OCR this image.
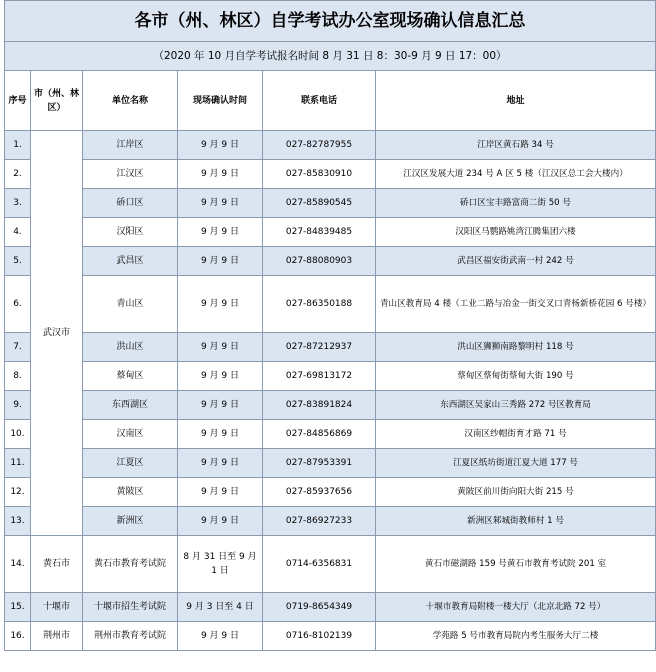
各市（州、林区）自学考试办公室现场确认信息汇总					
（2020 年 10 月自学考试报名时间 8 月 31 日 8：30-9 月 9 日 17：00）					
序号	市（州、林区）	单位名称	现场确认时间	联系电话	地址
1.	武汉市	江岸区	9 月 9 日	027-82787955	江岸区黄石路 34 号
2.		江汉区	9 月 9 日	027-85830910	江汉区发展大道 234 号 A 区 5 楼（江汉区总工会大楼内）
3.		硚口区	9 月 9 日	027-85890545	硚口区宝丰路富商二街 50 号
4.		汉阳区	9 月 9 日	027-84839485	汉阳区马鹦路姚湾江腾集团六楼
5.		武昌区	9 月 9 日	027-88080903	武昌区福安街武南一村 242 号
6.		青山区	9 月 9 日	027-86350188	青山区教育局 4 楼（工业二路与冶金一街交叉口青杨新桥花园 6 号楼）
7.		洪山区	9 月 9 日	027-87212937	洪山区狮狮南路黎明村 118 号
8.		蔡甸区	9 月 9 日	027-69813172	蔡甸区蔡甸街蔡甸大街 190 号
9.		东西湖区	9 月 9 日	027-83891824	东西湖区吴家山三秀路 272 号区教育局
10.		汉南区	9 月 9 日	027-84856869	汉南区纱帽街育才路 71 号
11.		江夏区	9 月 9 日	027-87953391	江夏区纸坊街道江夏大道 177 号
12.		黄陂区	9 月 9 日	027-85937656	黄陂区前川街向阳大街 215 号
13.		新洲区	9 月 9 日	027-86927233	新洲区邾城街教师村 1 号
14.	黄石市	黄石市教育考试院	8 月 31 日至 9 月 1 日	0714-6356831	黄石市磁湖路 159 号黄石市教育考试院 201 室
15.	十堰市	十堰市招生考试院	9 月 3 日至 4 日	0719-8654349	十堰市教育局附楼一楼大厅（北京北路 72 号）
16.	荆州市	荆州市教育考试院	9 月 9 日	0716-8102139	学苑路 5 号市教育局院内考生服务大厅二楼
